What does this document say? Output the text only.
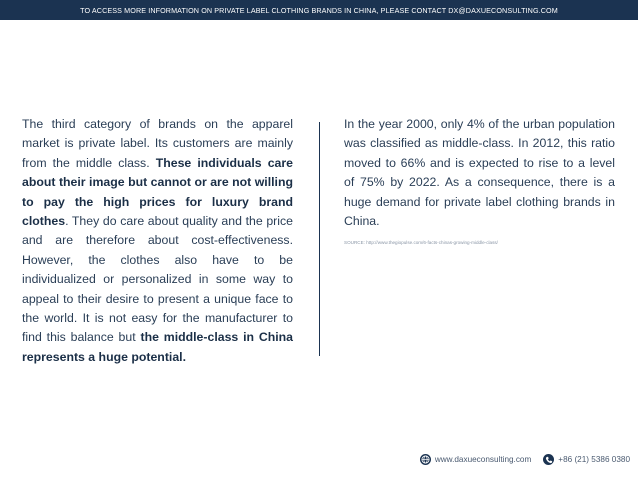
TO ACCESS MORE INFORMATION ON PRIVATE LABEL CLOTHING BRANDS IN CHINA, PLEASE CONTACT DX@DAXUECONSULTING.COM

The third category of brands on the apparel market is private label. Its customers are mainly from the middle class. These individuals care about their image but cannot or are not willing to pay the high prices for luxury brand clothes. They do care about quality and the price and are therefore about cost-effectiveness. However, the clothes also have to be individualized or personalized in some way to appeal to their desire to present a unique face to the world. It is not easy for the manufacturer to find this balance but the middle-class in China represents a huge potential.

In the year 2000, only 4% of the urban population was classified as middle-class. In 2012, this ratio moved to 66% and is expected to rise to a level of 75% by 2022. As a consequence, there is a huge demand for private label clothing brands in China.

SOURCE: http://www.thegiopulse.com/6-facts-chinas-growing-middle-class/
www.daxueconsulting.com	+86 (21) 5386 0380
